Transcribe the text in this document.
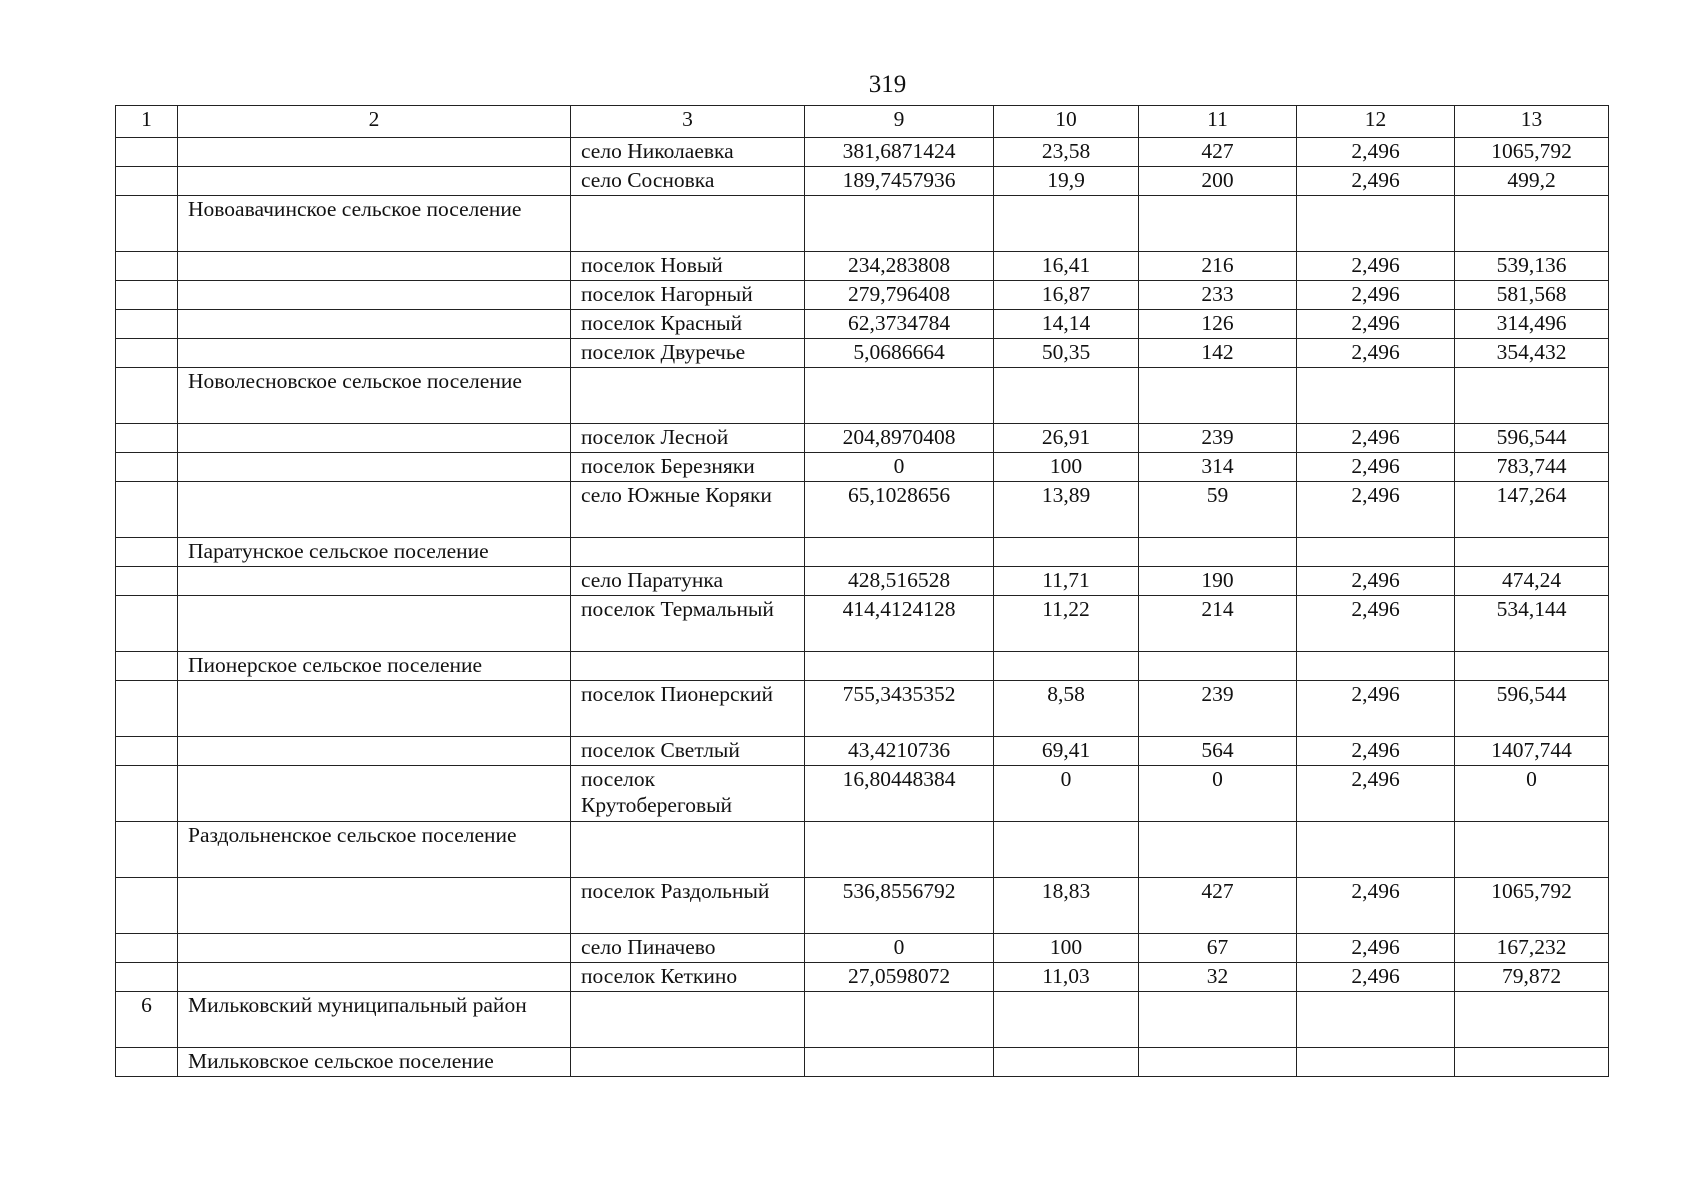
319
1	2	3	9	10	11	12	13
		село Николаевка	381,6871424	23,58	427	2,496	1065,792
		село Сосновка	189,7457936	19,9	200	2,496	499,2
	Новоавачинское сельское поселение						
		поселок Новый	234,283808	16,41	216	2,496	539,136
		поселок Нагорный	279,796408	16,87	233	2,496	581,568
		поселок Красный	62,3734784	14,14	126	2,496	314,496
		поселок Двуречье	5,0686664	50,35	142	2,496	354,432
	Новолесновское сельское поселение						
		поселок Лесной	204,8970408	26,91	239	2,496	596,544
		поселок Березняки	0	100	314	2,496	783,744
		село Южные Коряки	65,1028656	13,89	59	2,496	147,264
	Паратунское сельское поселение						
		село Паратунка	428,516528	11,71	190	2,496	474,24
		поселок Термальный	414,4124128	11,22	214	2,496	534,144
	Пионерское сельское поселение						
		поселок Пионерский	755,3435352	8,58	239	2,496	596,544
		поселок Светлый	43,4210736	69,41	564	2,496	1407,744
		поселок Крутобереговый	16,80448384	0	0	2,496	0
	Раздольненское сельское поселение						
		поселок Раздольный	536,8556792	18,83	427	2,496	1065,792
		село Пиначево	0	100	67	2,496	167,232
		поселок Кеткино	27,0598072	11,03	32	2,496	79,872
6	Мильковский муниципальный район						
	Мильковское сельское поселение						
